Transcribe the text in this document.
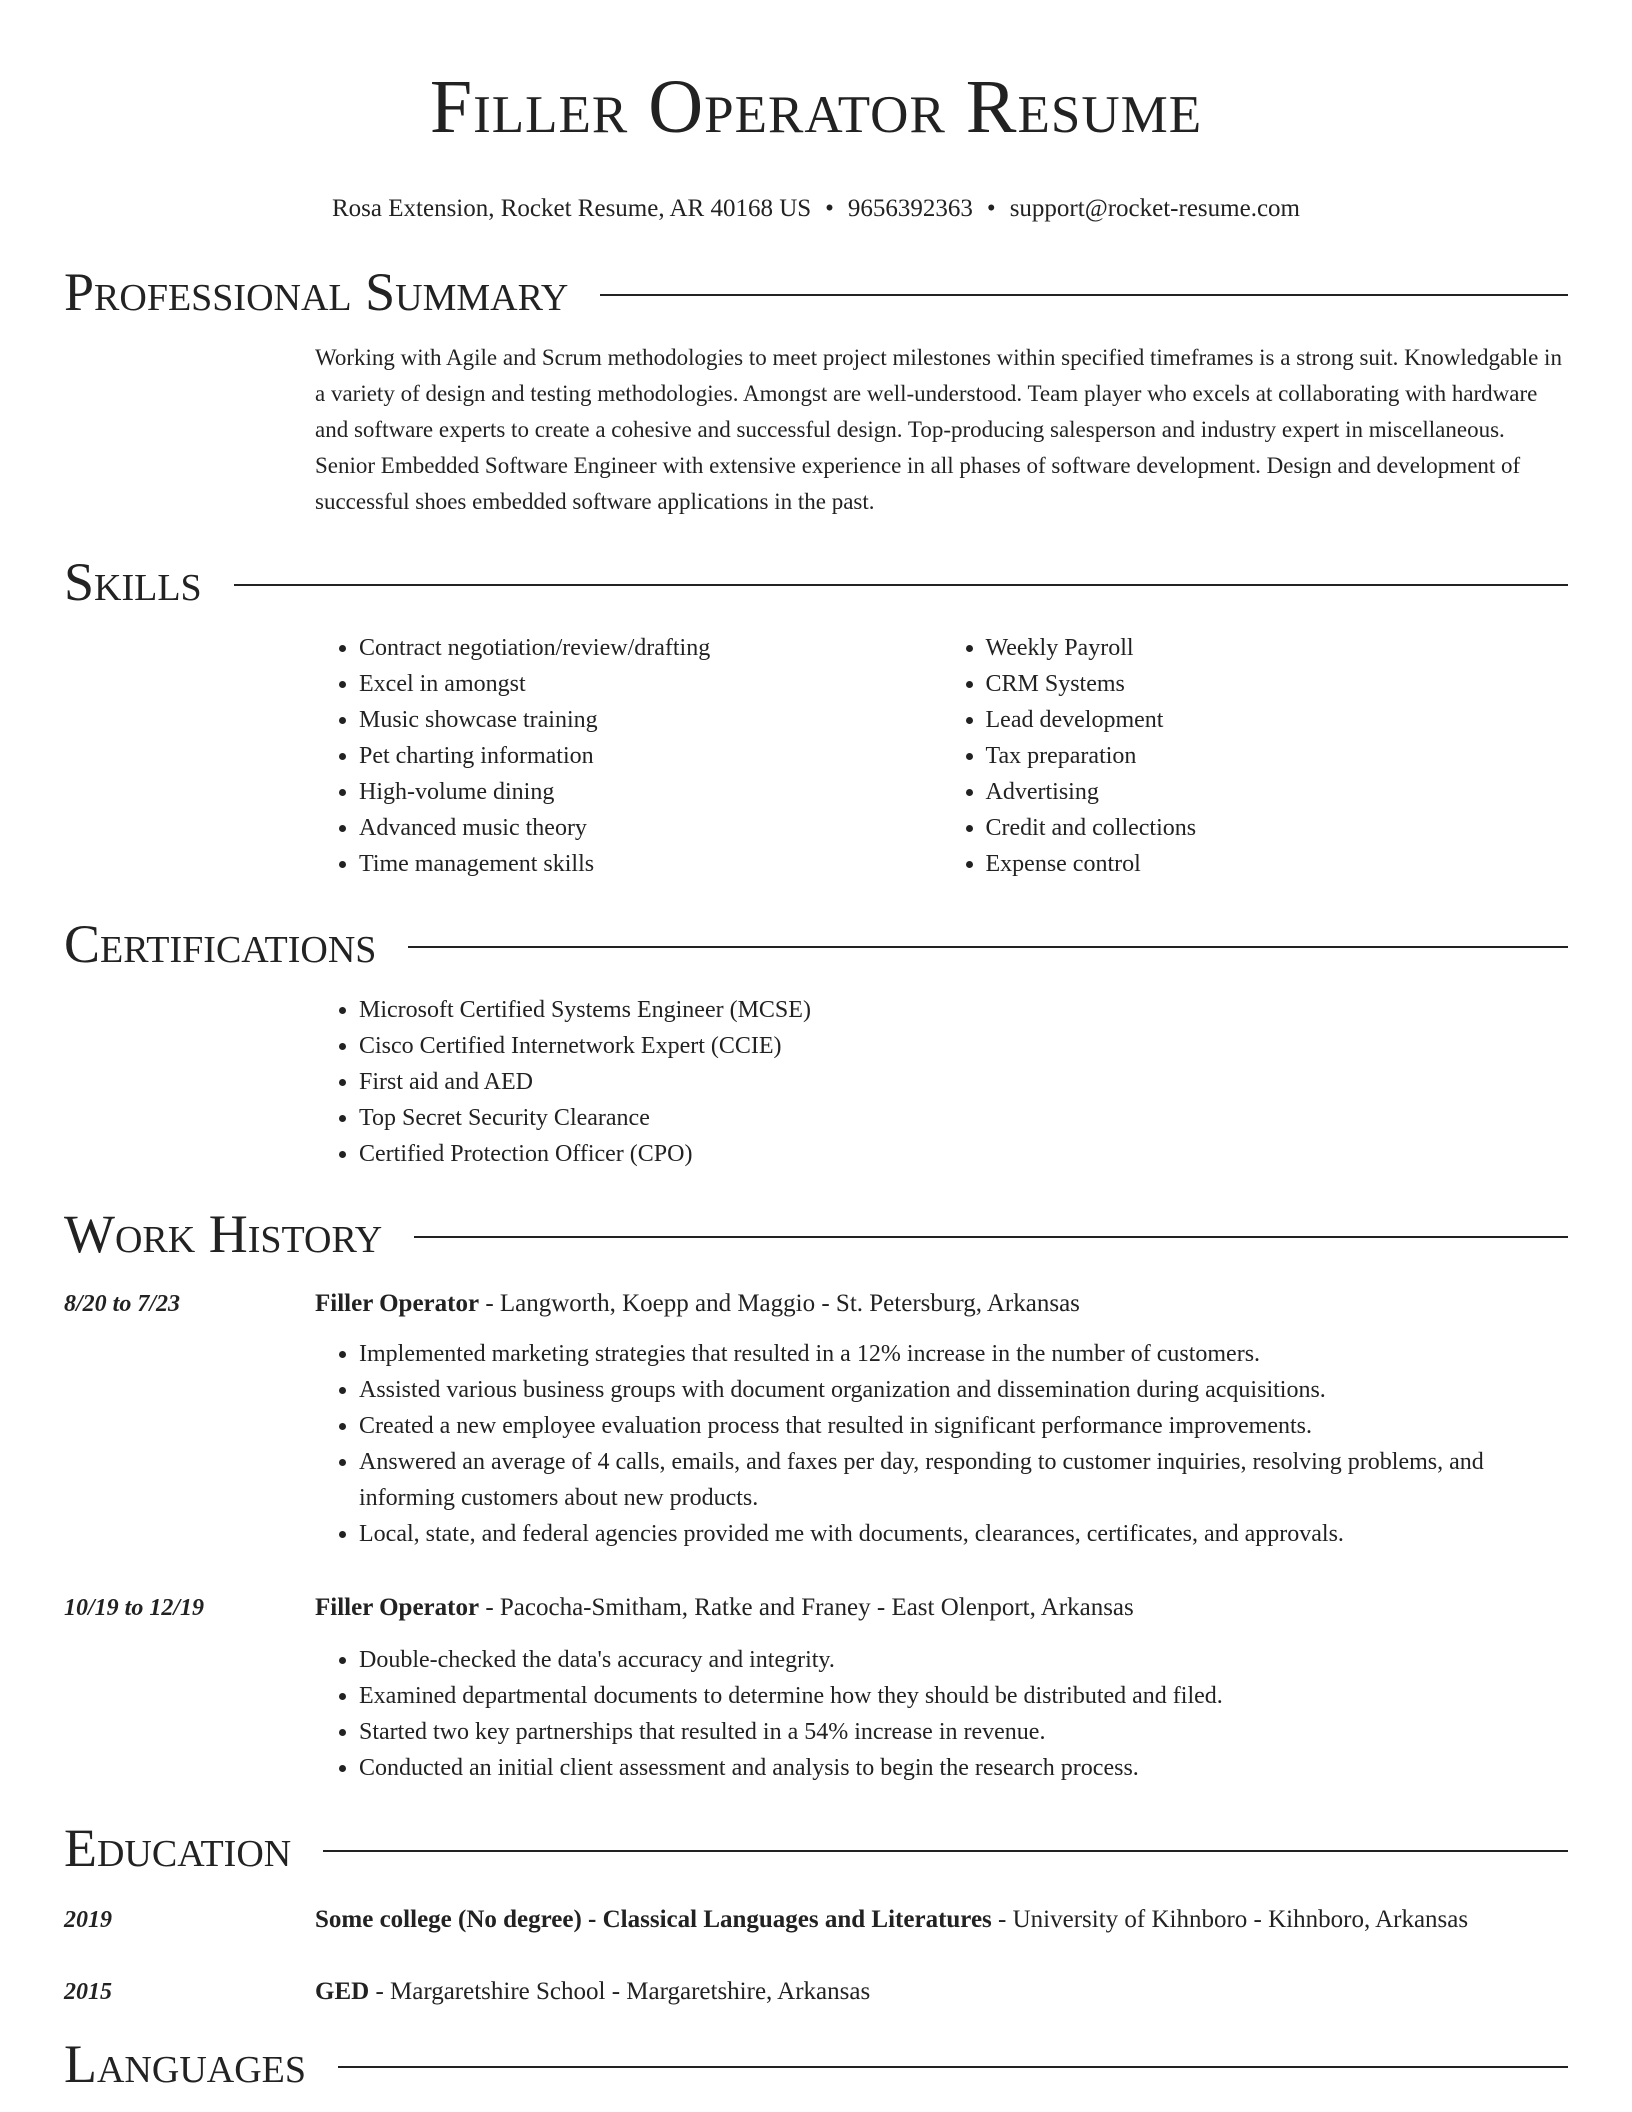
Filler Operator Resume
Rosa Extension, Rocket Resume, AR 40168 US • 9656392363 • support@rocket-resume.com
Professional Summary
Working with Agile and Scrum methodologies to meet project milestones within specified timeframes is a strong suit. Knowledgable in a variety of design and testing methodologies. Amongst are well-understood. Team player who excels at collaborating with hardware and software experts to create a cohesive and successful design. Top-producing salesperson and industry expert in miscellaneous. Senior Embedded Software Engineer with extensive experience in all phases of software development. Design and development of successful shoes embedded software applications in the past.
Skills
• Contract negotiation/review/drafting
• Excel in amongst
• Music showcase training
• Pet charting information
• High-volume dining
• Advanced music theory
• Time management skills
• Weekly Payroll
• CRM Systems
• Lead development
• Tax preparation
• Advertising
• Credit and collections
• Expense control
Certifications
• Microsoft Certified Systems Engineer (MCSE)
• Cisco Certified Internetwork Expert (CCIE)
• First aid and AED
• Top Secret Security Clearance
• Certified Protection Officer (CPO)
Work History
8/20 to 7/23	Filler Operator - Langworth, Koepp and Maggio - St. Petersburg, Arkansas
• Implemented marketing strategies that resulted in a 12% increase in the number of customers.
• Assisted various business groups with document organization and dissemination during acquisitions.
• Created a new employee evaluation process that resulted in significant performance improvements.
• Answered an average of 4 calls, emails, and faxes per day, responding to customer inquiries, resolving problems, and informing customers about new products.
• Local, state, and federal agencies provided me with documents, clearances, certificates, and approvals.
10/19 to 12/19	Filler Operator - Pacocha-Smitham, Ratke and Franey - East Olenport, Arkansas
• Double-checked the data's accuracy and integrity.
• Examined departmental documents to determine how they should be distributed and filed.
• Started two key partnerships that resulted in a 54% increase in revenue.
• Conducted an initial client assessment and analysis to begin the research process.
Education
2019	Some college (No degree) - Classical Languages and Literatures - University of Kihnboro - Kihnboro, Arkansas
2015	GED - Margaretshire School - Margaretshire, Arkansas
Languages
